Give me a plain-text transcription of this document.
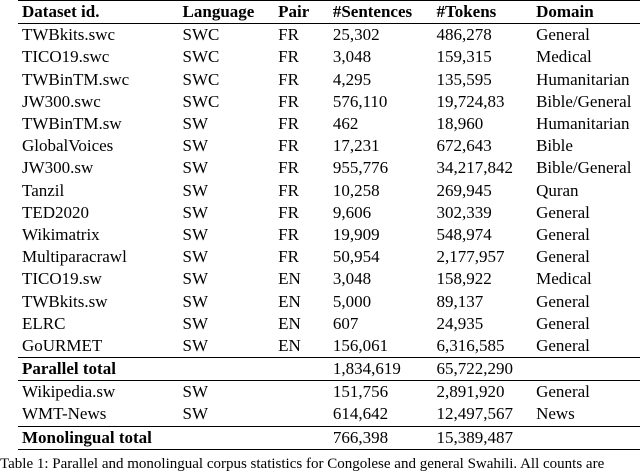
Dataset id.	Language	Pair	#Sentences	#Tokens	Domain
TWBkits.swc	SWC	FR	25,302	486,278	General
TICO19.swc	SWC	FR	3,048	159,315	Medical
TWBinTM.swc	SWC	FR	4,295	135,595	Humanitarian
JW300.swc	SWC	FR	576,110	19,724,83	Bible/General
TWBinTM.sw	SW	FR	462	18,960	Humanitarian
GlobalVoices	SW	FR	17,231	672,643	Bible
JW300.sw	SW	FR	955,776	34,217,842	Bible/General
Tanzil	SW	FR	10,258	269,945	Quran
TED2020	SW	FR	9,606	302,339	General
Wikimatrix	SW	FR	19,909	548,974	General
Multiparacrawl	SW	FR	50,954	2,177,957	General
TICO19.sw	SW	EN	3,048	158,922	Medical
TWBkits.sw	SW	EN	5,000	89,137	General
ELRC	SW	EN	607	24,935	General
GoURMET	SW	EN	156,061	6,316,585	General
Parallel total			1,834,619	65,722,290	
Wikipedia.sw	SW		151,756	2,891,920	General
WMT-News	SW		614,642	12,497,567	News
Monolingual total			766,398	15,389,487	
Table 1: Parallel and monolingual corpus statistics for Congolese and general Swahili. All counts are
